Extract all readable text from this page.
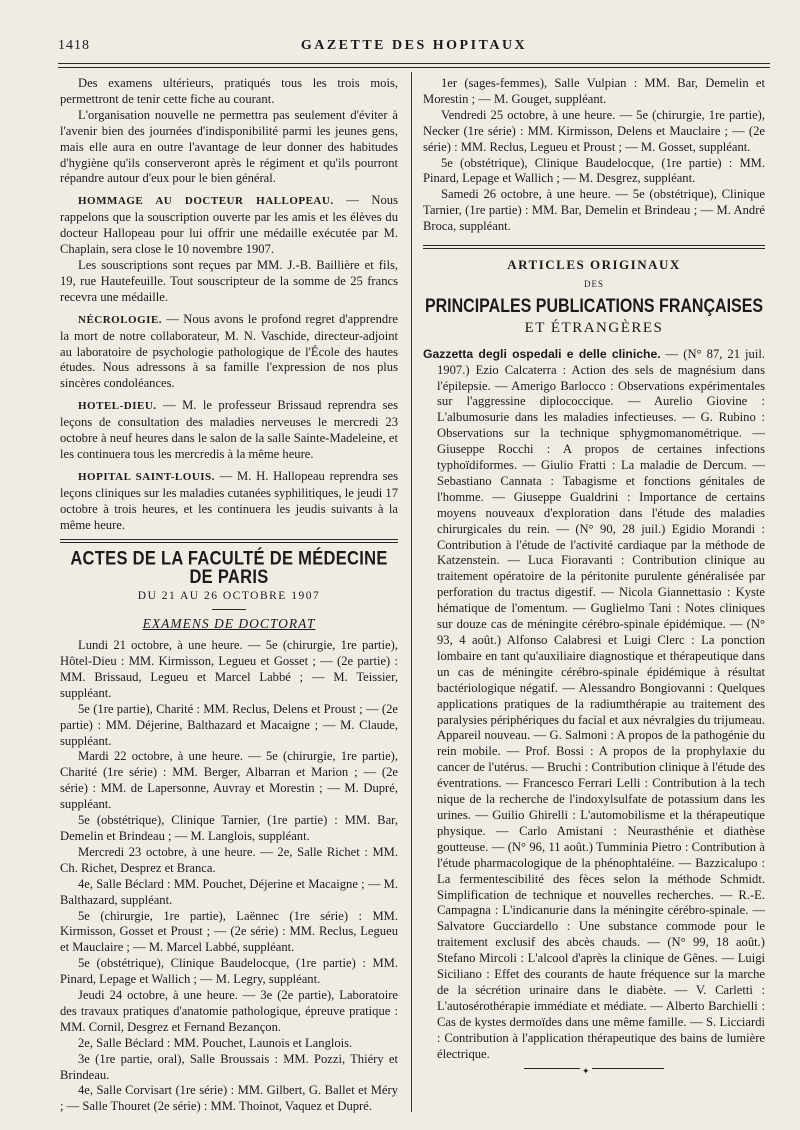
1418	GAZETTE DES HOPITAUX

Des examens ultérieurs, pratiqués tous les trois mois, permettront de tenir cette fiche au courant.

L'organisation nouvelle ne permettra pas seulement d'éviter à l'avenir bien des journées d'indisponibilité parmi les jeunes gens, mais elle aura en outre l'avantage de leur donner des habitudes d'hygiène qu'ils conserveront après le régiment et qu'ils pourront répandre autour d'eux pour le bien général.

HOMMAGE AU DOCTEUR HALLOPEAU. — Nous rappelons que la souscription ouverte par les amis et les élèves du docteur Hallopeau pour lui offrir une médaille exécutée par M. Chaplain, sera close le 10 novembre 1907.

Les souscriptions sont reçues par MM. J.-B. Baillière et fils, 19, rue Hautefeuille. Tout souscripteur de la somme de 25 francs recevra une médaille.

NÉCROLOGIE. — Nous avons le profond regret d'apprendre la mort de notre collaborateur, M. N. Vaschide, directeur-adjoint au laboratoire de psychologie pathologique de l'École des hautes études. Nous adressons à sa famille l'expression de nos plus sincères condoléances.

HOTEL-DIEU. — M. le professeur Brissaud reprendra ses leçons de consultation des maladies nerveuses le mercredi 23 octobre à neuf heures dans le salon de la salle Sainte-Madeleine, et les continuera tous les mercredis à la même heure.

HOPITAL SAINT-LOUIS. — M. H. Hallopeau reprendra ses leçons cliniques sur les maladies cutanées syphilitiques, le jeudi 17 octobre à trois heures, et les continuera les jeudis suivants à la même heure.

ACTES DE LA FACULTÉ DE MÉDECINE DE PARIS
DU 21 AU 26 OCTOBRE 1907
EXAMENS DE DOCTORAT

Lundi 21 octobre, à une heure. — 5e (chirurgie, 1re partie), Hôtel-Dieu : MM. Kirmisson, Legueu et Gosset ; — (2e partie) : MM. Brissaud, Legueu et Marcel Labbé ; — M. Teissier, suppléant.

5e (1re partie), Charité : MM. Reclus, Delens et Proust ; — (2e partie) : MM. Déjerine, Balthazard et Macaigne ; — M. Claude, suppléant.

Mardi 22 octobre, à une heure. — 5e (chirurgie, 1re partie), Charité (1re série) : MM. Berger, Albarran et Marion ; — (2e série) : MM. de Lapersonne, Auvray et Morestin ; — M. Dupré, suppléant.

5e (obstétrique), Clinique Tarnier, (1re partie) : MM. Bar, Demelin et Brindeau ; — M. Langlois, suppléant.

Mercredi 23 octobre, à une heure. — 2e, Salle Richet : MM. Ch. Richet, Desprez et Branca.

4e, Salle Béclard : MM. Pouchet, Déjerine et Macaigne ; — M. Balthazard, suppléant.

5e (chirurgie, 1re partie), Laënnec (1re série) : MM. Kirmisson, Gosset et Proust ; — (2e série) : MM. Reclus, Legueu et Mauclaire ; — M. Marcel Labbé, suppléant.

5e (obstétrique), Clinique Baudelocque, (1re partie) : MM. Pinard, Lepage et Wallich ; — M. Legry, suppléant.

Jeudi 24 octobre, à une heure. — 3e (2e partie), Laboratoire des travaux pratiques d'anatomie pathologique, épreuve pratique : MM. Cornil, Desgrez et Fernand Bezançon.

2e, Salle Béclard : MM. Pouchet, Launois et Langlois.

3e (1re partie, oral), Salle Broussais : MM. Pozzi, Thiéry et Brindeau.

4e, Salle Corvisart (1re série) : MM. Gilbert, G. Ballet et Méry ; — Salle Thouret (2e série) : MM. Thoinot, Vaquez et Dupré.

1er (sages-femmes), Salle Vulpian : MM. Bar, Demelin et Morestin ; — M. Gouget, suppléant.

Vendredi 25 octobre, à une heure. — 5e (chirurgie, 1re partie), Necker (1re série) : MM. Kirmisson, Delens et Mauclaire ; — (2e série) : MM. Reclus, Legueu et Proust ; — M. Gosset, suppléant.

5e (obstétrique), Clinique Baudelocque, (1re partie) : MM. Pinard, Lepage et Wallich ; — M. Desgrez, suppléant.

Samedi 26 octobre, à une heure. — 5e (obstétrique), Clinique Tarnier, (1re partie) : MM. Bar, Demelin et Brindeau ; — M. André Broca, suppléant.

ARTICLES ORIGINAUX
DES
PRINCIPALES PUBLICATIONS FRANÇAISES
ET ÉTRANGÈRES

Gazzetta degli ospedali e delle cliniche. — (N° 87, 21 juil. 1907.) Ezio Calcaterra : Action des sels de magnésium dans l'épilepsie. — Amerigo Barlocco : Observations expérimentales sur l'aggressine diplococcique. — Aurelio Giovine : L'albumosurie dans les maladies infectieuses. — G. Rubino : Observations sur la technique sphygmomanométrique. — Giuseppe Rocchi : A propos de certaines infections typhoïdiformes. — Giulio Fratti : La maladie de Dercum. — Sebastiano Cannata : Tabagisme et fonctions génitales de l'homme. — Giuseppe Gualdrini : Importance de certains moyens nouveaux d'exploration dans l'étude des maladies chirurgicales du rein. — (N° 90, 28 juil.) Egidio Morandi : Contribution à l'étude de l'activité cardiaque par la méthode de Katzenstein. — Luca Fioravanti : Contribution clinique au traitement opératoire de la péritonite purulente généralisée par perforation du tractus digestif. — Nicola Giannettasio : Kyste hématique de l'omentum. — Guglielmo Tani : Notes cliniques sur douze cas de méningite cérébro-spinale épidémique. — (N° 93, 4 août.) Alfonso Calabresi et Luigi Clerc : La ponction lombaire en tant qu'auxiliaire diagnostique et thérapeutique dans un cas de méningite cérébro-spinale épidémique à résultat bactériologique négatif. — Alessandro Bongiovanni : Quelques applications pratiques de la radiumthérapie au traitement des paralysies périphériques du facial et aux névralgies du trijumeau. Appareil nouveau. — G. Salmoni : A propos de la pathogénie du rein mobile. — Prof. Bossi : A propos de la prophylaxie du cancer de l'utérus. — Bruchi : Contribution clinique à l'étude des éventrations. — Francesco Ferrari Lelli : Contribution à la tech nique de la recherche de l'indoxylsulfate de potassium dans les urines. — Guilio Ghirelli : L'automobilisme et la thérapeutique physique. — Carlo Amistani : Neurasthénie et diathèse goutteuse. — (N° 96, 11 août.) Tumminia Pietro : Contribution à l'étude pharmacologique de la phénophtaléine. — Bazzicalupo : La fermentescibilité des fèces selon la méthode Schmidt. Simplification de technique et nouvelles recherches. — R.-E. Campagna : L'indicanurie dans la méningite cérébro-spinale. — Salvatore Gucciardello : Une substance commode pour le traitement exclusif des abcès chauds. — (N° 99, 18 août.) Stefano Mircoli : L'alcool d'après la clinique de Gênes. — Luigi Siciliano : Effet des courants de haute fréquence sur la marche de la sécrétion urinaire dans le diabète. — V. Carletti : L'autosérothérapie immédiate et médiate. — Alberto Barchielli : Cas de kystes dermoïdes dans une même famille. — S. Licciardi : Contribution à l'application thérapeutique des bains de lumière électrique.

✦
